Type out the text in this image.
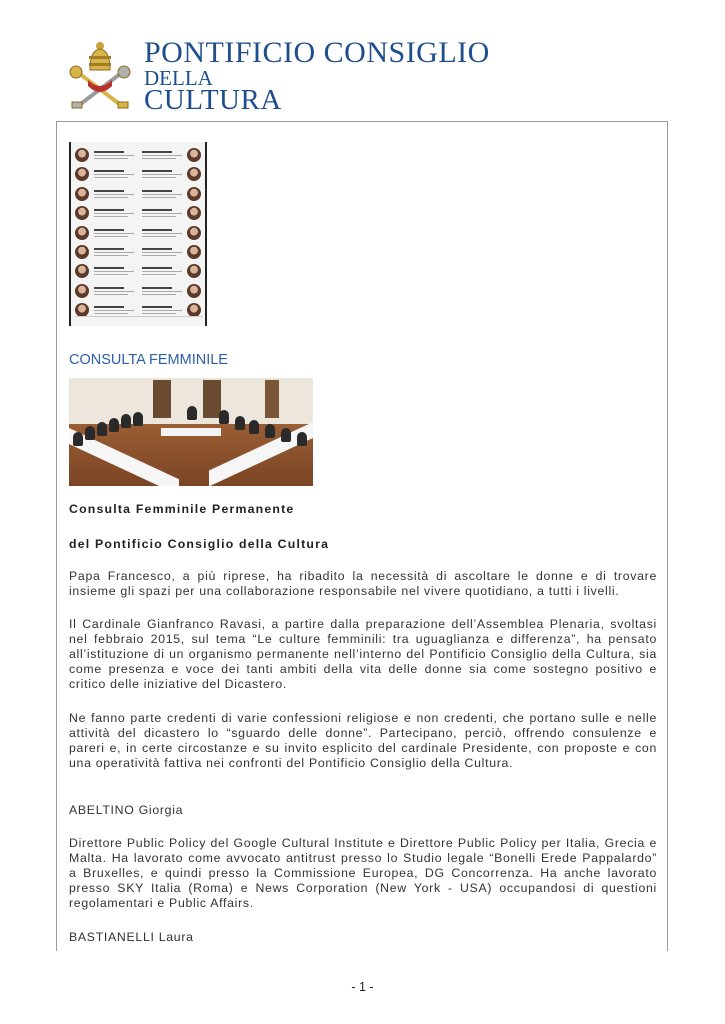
PONTIFICIO CONSIGLIO
DELLA
CULTURA
CONSULTA FEMMINILE
Consulta Femminile Permanente
del Pontificio Consiglio della Cultura

Papa Francesco, a più riprese, ha ribadito la necessità di ascoltare le donne e di trovare insieme gli spazi per una collaborazione responsabile nel vivere quotidiano, a tutti i livelli.

Il Cardinale Gianfranco Ravasi, a partire dalla preparazione dell’Assemblea Plenaria, svoltasi nel febbraio 2015, sul tema “Le culture femminili: tra uguaglianza e differenza”, ha pensato all’istituzione di un organismo permanente nell’interno del Pontificio Consiglio della Cultura, sia come presenza e voce dei tanti ambiti della vita delle donne sia come sostegno positivo e critico delle iniziative del Dicastero.

Ne fanno parte credenti di varie confessioni religiose e non credenti, che portano sulle e nelle attività del dicastero lo “sguardo delle donne”. Partecipano, perciò, offrendo consulenze e pareri e, in certe circostanze e su invito esplicito del cardinale Presidente, con proposte e con una operatività fattiva nei confronti del Pontificio Consiglio della Cultura.

ABELTINO Giorgia

Direttore Public Policy del Google Cultural Institute e Direttore Public Policy per Italia, Grecia e Malta. Ha lavorato come avvocato antitrust presso lo Studio legale “Bonelli Erede Pappalardo” a Bruxelles, e quindi presso la Commissione Europea, DG Concorrenza. Ha anche lavorato presso SKY Italia (Roma) e News Corporation (New York - USA) occupandosi di questioni regolamentari e Public Affairs.

BASTIANELLI Laura
- 1 -
